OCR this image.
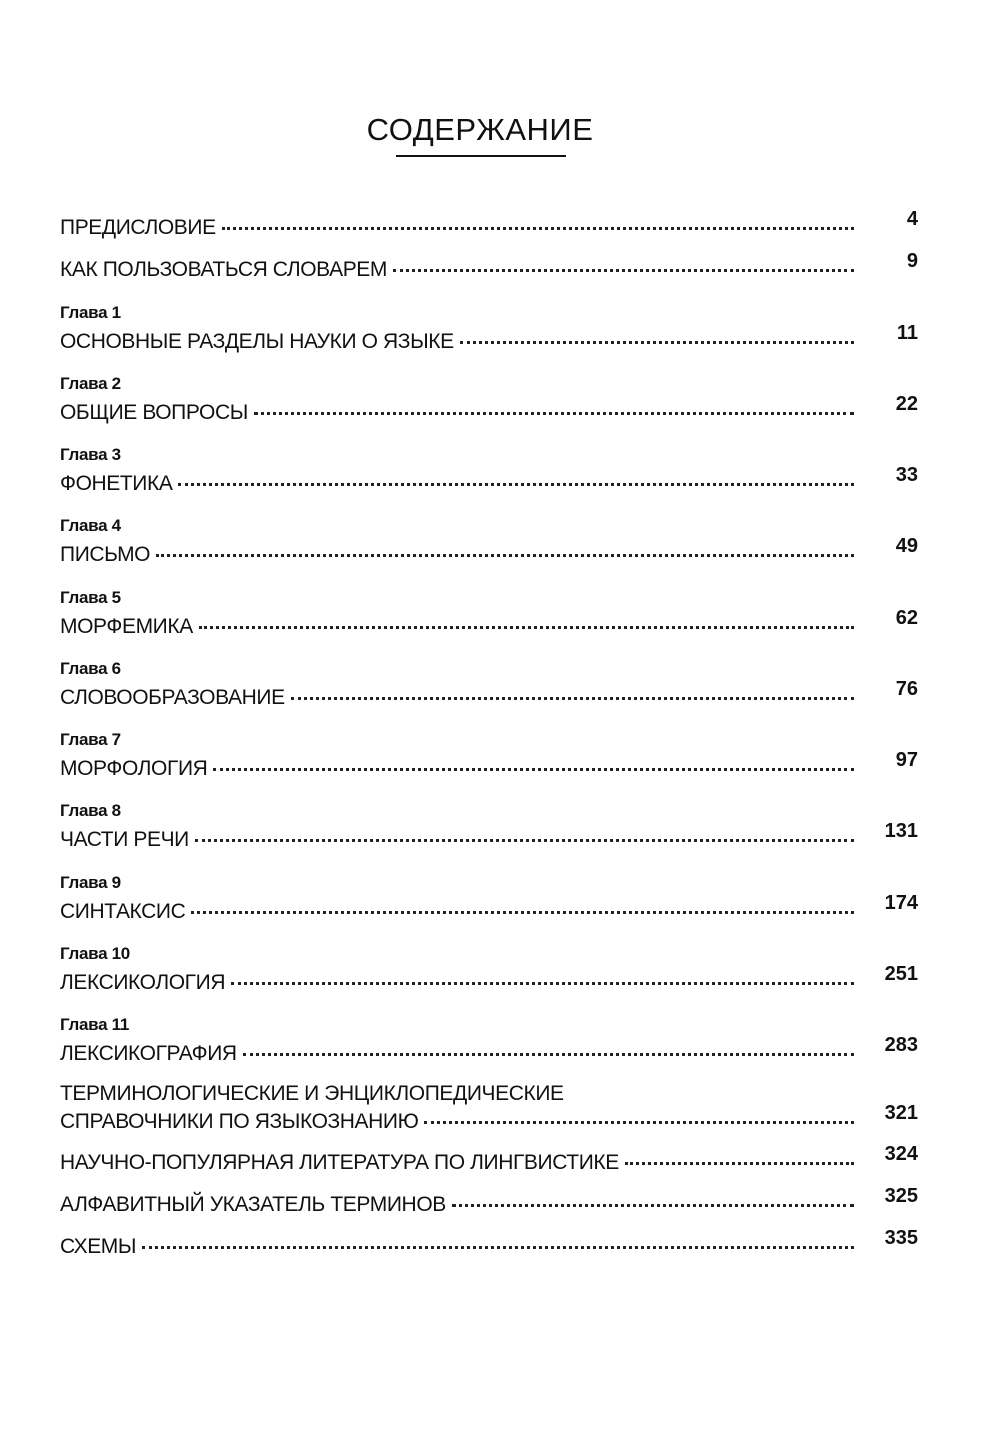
СОДЕРЖАНИЕ
ПРЕДИСЛОВИЕ	4
КАК ПОЛЬЗОВАТЬСЯ СЛОВАРЕМ	9
Глава 1
ОСНОВНЫЕ РАЗДЕЛЫ НАУКИ О ЯЗЫКЕ	11
Глава 2
ОБЩИЕ ВОПРОСЫ	22
Глава 3
ФОНЕТИКА	33
Глава 4
ПИСЬМО	49
Глава 5
МОРФЕМИКА	62
Глава 6
СЛОВООБРАЗОВАНИЕ	76
Глава 7
МОРФОЛОГИЯ	97
Глава 8
ЧАСТИ РЕЧИ	131
Глава 9
СИНТАКСИС	174
Глава 10
ЛЕКСИКОЛОГИЯ	251
Глава 11
ЛЕКСИКОГРАФИЯ	283
ТЕРМИНОЛОГИЧЕСКИЕ И ЭНЦИКЛОПЕДИЧЕСКИЕ
СПРАВОЧНИКИ ПО ЯЗЫКОЗНАНИЮ	321
НАУЧНО-ПОПУЛЯРНАЯ ЛИТЕРАТУРА ПО ЛИНГВИСТИКЕ	324
АЛФАВИТНЫЙ УКАЗАТЕЛЬ ТЕРМИНОВ	325
СХЕМЫ	335
